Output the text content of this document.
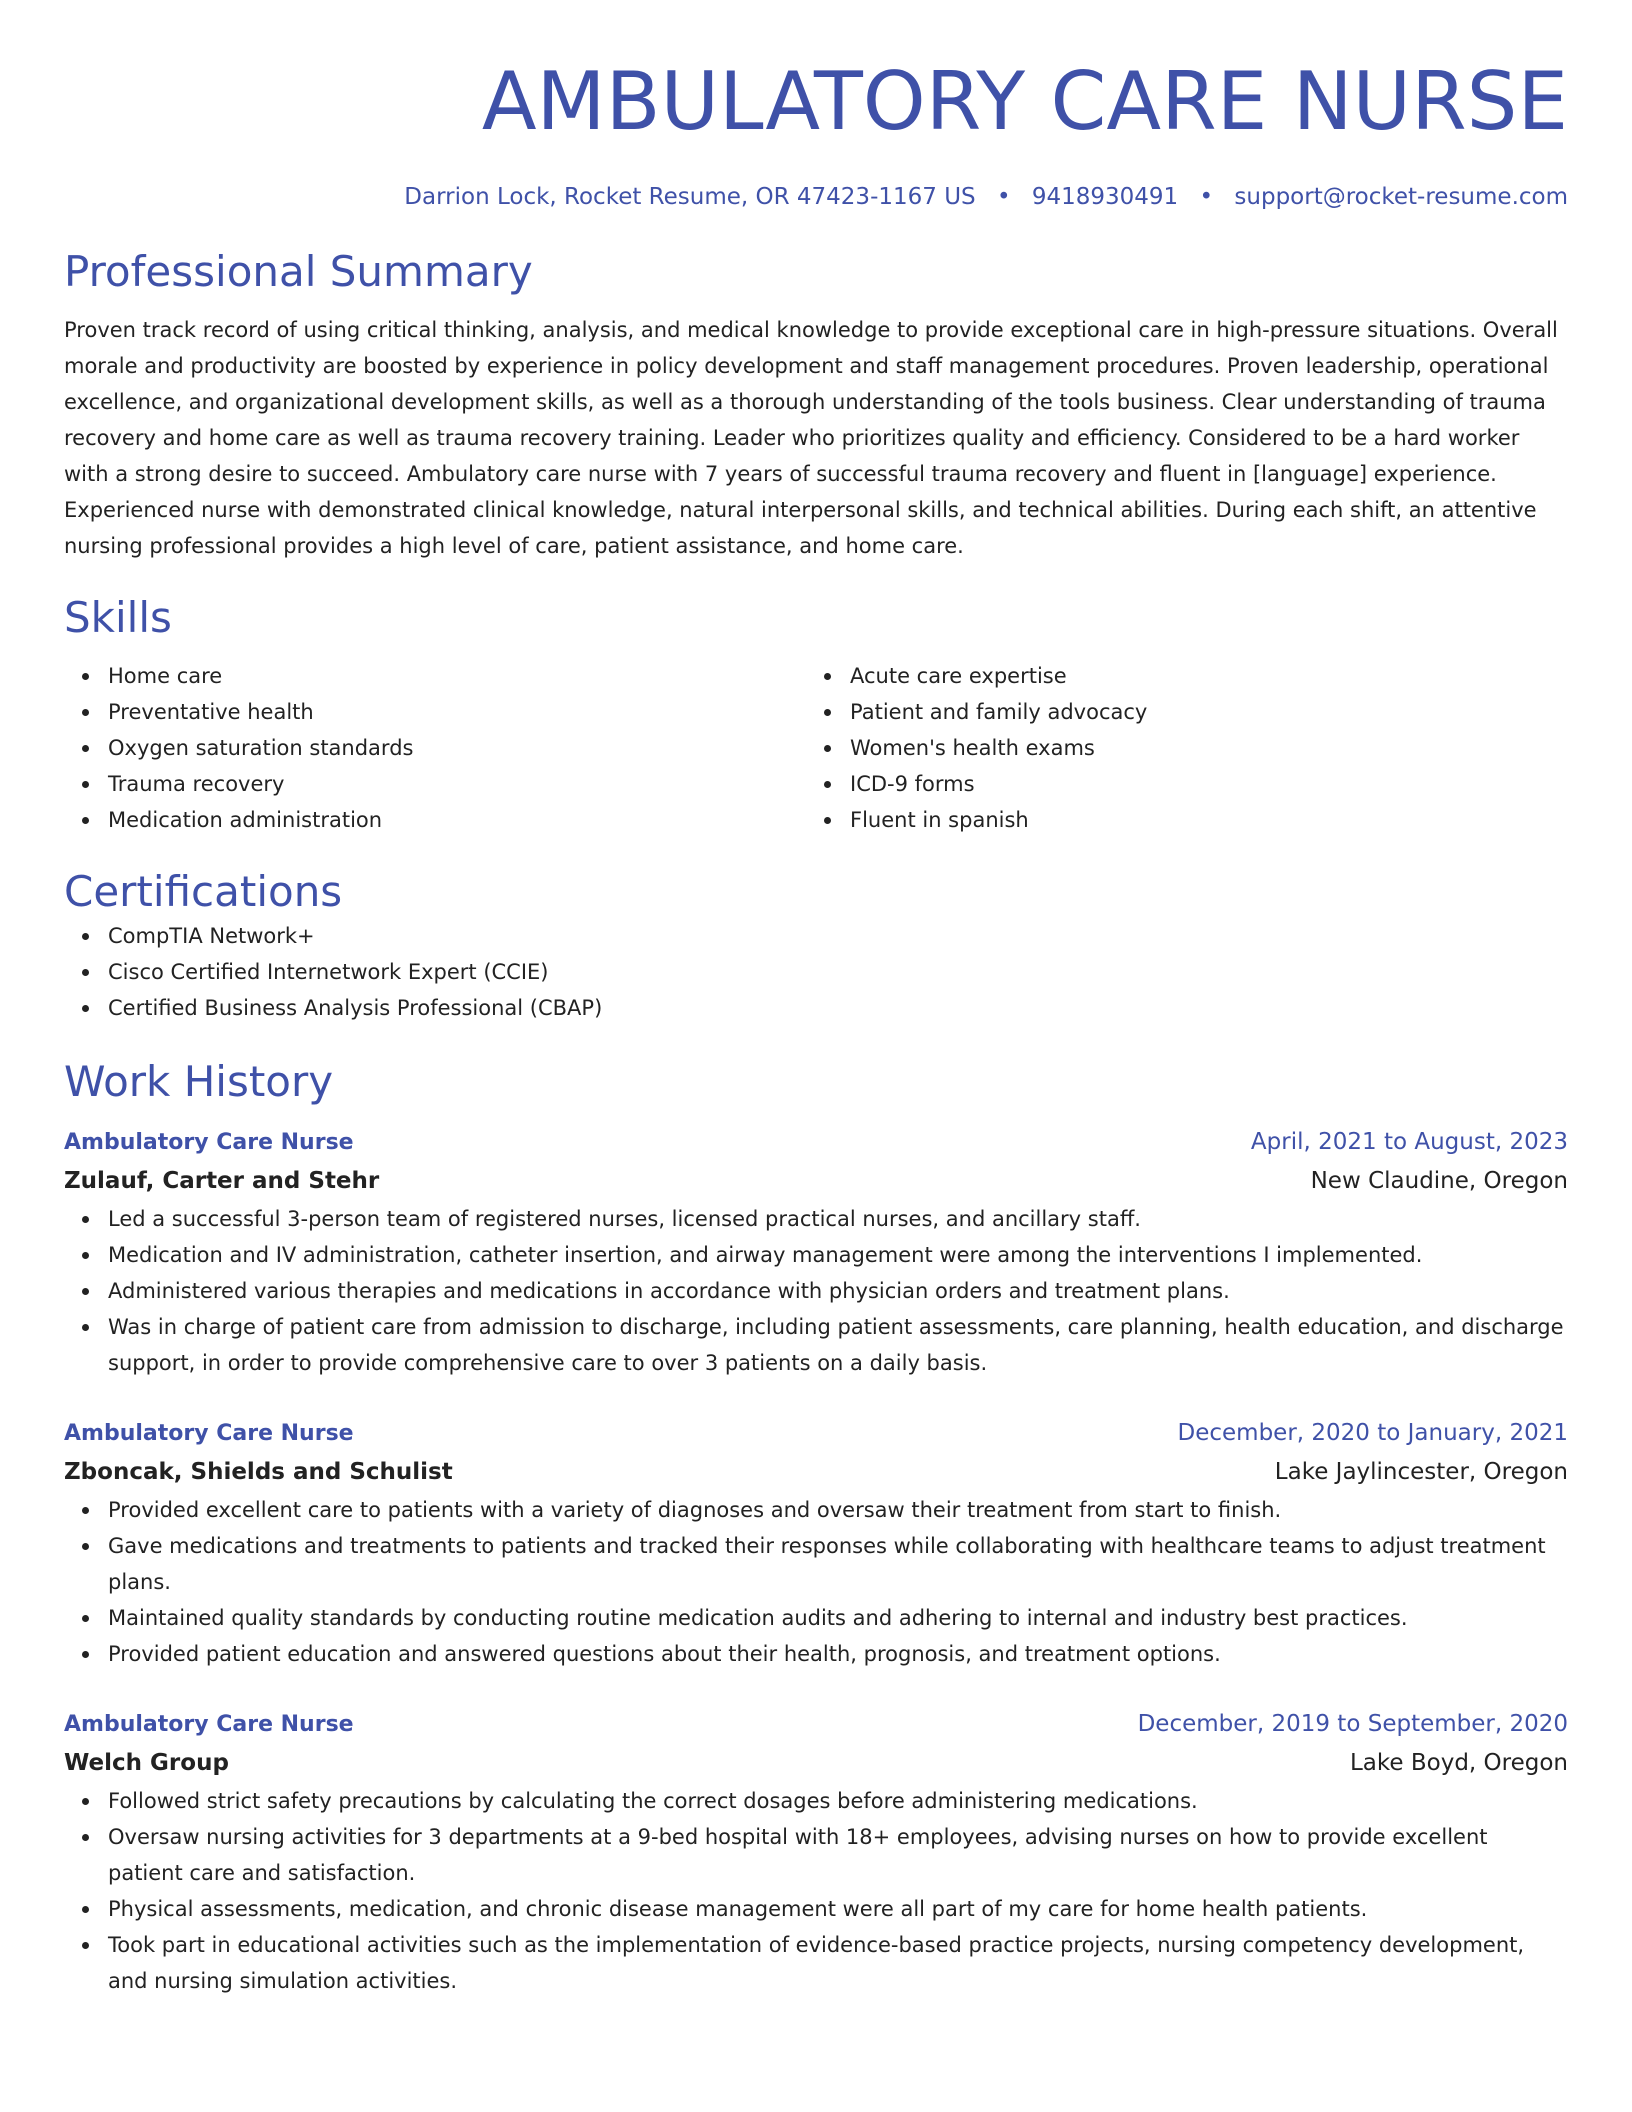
AMBULATORY CARE NURSE
Darrion Lock, Rocket Resume, OR 47423-1167 US • 9418930491 • support@rocket-resume.com
Professional Summary

Proven track record of using critical thinking, analysis, and medical knowledge to provide exceptional care in high-pressure situations. Overall morale and productivity are boosted by experience in policy development and staff management procedures. Proven leadership, operational excellence, and organizational development skills, as well as a thorough understanding of the tools business. Clear understanding of trauma recovery and home care as well as trauma recovery training. Leader who prioritizes quality and efficiency. Considered to be a hard worker with a strong desire to succeed. Ambulatory care nurse with 7 years of successful trauma recovery and fluent in [language] experience. Experienced nurse with demonstrated clinical knowledge, natural interpersonal skills, and technical abilities. During each shift, an attentive nursing professional provides a high level of care, patient assistance, and home care.

Skills
Home care
Preventative health
Oxygen saturation standards
Trauma recovery
Medication administration
Acute care expertise
Patient and family advocacy
Women's health exams
ICD-9 forms
Fluent in spanish
Certifications
CompTIA Network+
Cisco Certified Internetwork Expert (CCIE)
Certified Business Analysis Professional (CBAP)
Work History
Ambulatory Care Nurse	April, 2021 to August, 2023
Zulauf, Carter and Stehr	New Claudine, Oregon
Led a successful 3-person team of registered nurses, licensed practical nurses, and ancillary staff.
Medication and IV administration, catheter insertion, and airway management were among the interventions I implemented.
Administered various therapies and medications in accordance with physician orders and treatment plans.
Was in charge of patient care from admission to discharge, including patient assessments, care planning, health education, and discharge support, in order to provide comprehensive care to over 3 patients on a daily basis.
Ambulatory Care Nurse	December, 2020 to January, 2021
Zboncak, Shields and Schulist	Lake Jaylincester, Oregon
Provided excellent care to patients with a variety of diagnoses and oversaw their treatment from start to finish.
Gave medications and treatments to patients and tracked their responses while collaborating with healthcare teams to adjust treatment plans.
Maintained quality standards by conducting routine medication audits and adhering to internal and industry best practices.
Provided patient education and answered questions about their health, prognosis, and treatment options.
Ambulatory Care Nurse	December, 2019 to September, 2020
Welch Group	Lake Boyd, Oregon
Followed strict safety precautions by calculating the correct dosages before administering medications.
Oversaw nursing activities for 3 departments at a 9-bed hospital with 18+ employees, advising nurses on how to provide excellent patient care and satisfaction.
Physical assessments, medication, and chronic disease management were all part of my care for home health patients.
Took part in educational activities such as the implementation of evidence-based practice projects, nursing competency development, and nursing simulation activities.
